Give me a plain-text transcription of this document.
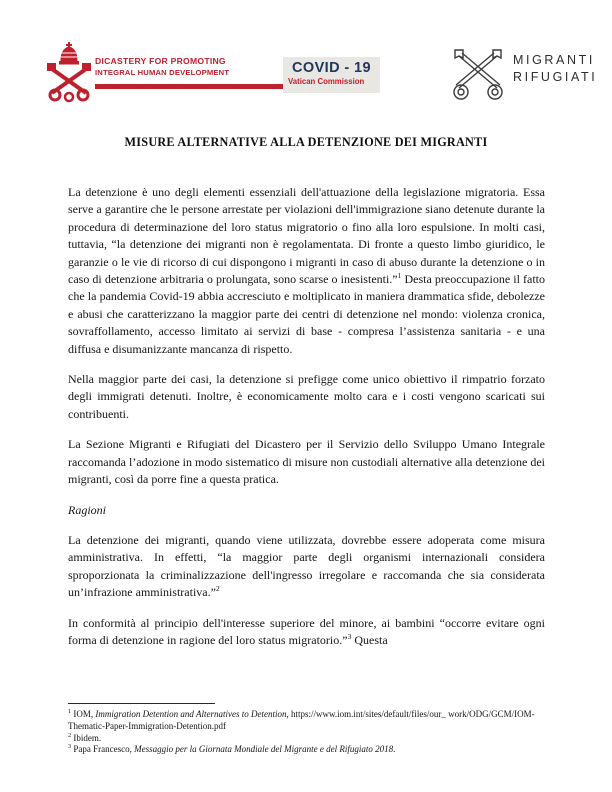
DICASTERY FOR PROMOTING
INTEGRAL HUMAN DEVELOPMENT	COVID - 19
Vatican Commission
MIGRANTI
RIFUGIATI
MISURE ALTERNATIVE ALLA DETENZIONE DEI MIGRANTI

La detenzione è uno degli elementi essenziali dell'attuazione della legislazione migratoria. Essa serve a garantire che le persone arrestate per violazioni dell'immigrazione siano detenute durante la procedura di determinazione del loro status migratorio o fino alla loro espulsione. In molti casi, tuttavia, “la detenzione dei migranti non è regolamentata. Di fronte a questo limbo giuridico, le garanzie o le vie di ricorso di cui dispongono i migranti in caso di abuso durante la detenzione o in caso di detenzione arbitraria o prolungata, sono scarse o inesistenti.”$^1$ Desta preoccupazione il fatto che la pandemia Covid-19 abbia accresciuto e moltiplicato in maniera drammatica sfide, debolezze e abusi che caratterizzano la maggior parte dei centri di detenzione nel mondo: violenza cronica, sovraffollamento, accesso limitato ai servizi di base - compresa l’assistenza sanitaria - e una diffusa e disumanizzante mancanza di rispetto.

Nella maggior parte dei casi, la detenzione si prefigge come unico obiettivo il rimpatrio forzato degli immigrati detenuti. Inoltre, è economicamente molto cara e i costi vengono scaricati sui contribuenti.

La Sezione Migranti e Rifugiati del Dicastero per il Servizio dello Sviluppo Umano Integrale raccomanda l’adozione in modo sistematico di misure non custodiali alternative alla detenzione dei migranti, così da porre fine a questa pratica.

Ragioni

La detenzione dei migranti, quando viene utilizzata, dovrebbe essere adoperata come misura amministrativa. In effetti, “la maggior parte degli organismi internazionali considera sproporzionata la criminalizzazione dell'ingresso irregolare e raccomanda che sia considerata un’infrazione amministrativa.”$^2$

In conformità al principio dell'interesse superiore del minore, ai bambini “occorre evitare ogni forma di detenzione in ragione del loro status migratorio.”$^3$ Questa

$^1$ IOM, Immigration Detention and Alternatives to Detention, https://www.iom.int/sites/default/files/our_ work/ODG/GCM/IOM-Thematic-Paper-Immigration-Detention.pdf
$^2$ Ibidem.
$^3$ Papa Francesco, Messaggio per la Giornata Mondiale del Migrante e del Rifugiato 2018.
